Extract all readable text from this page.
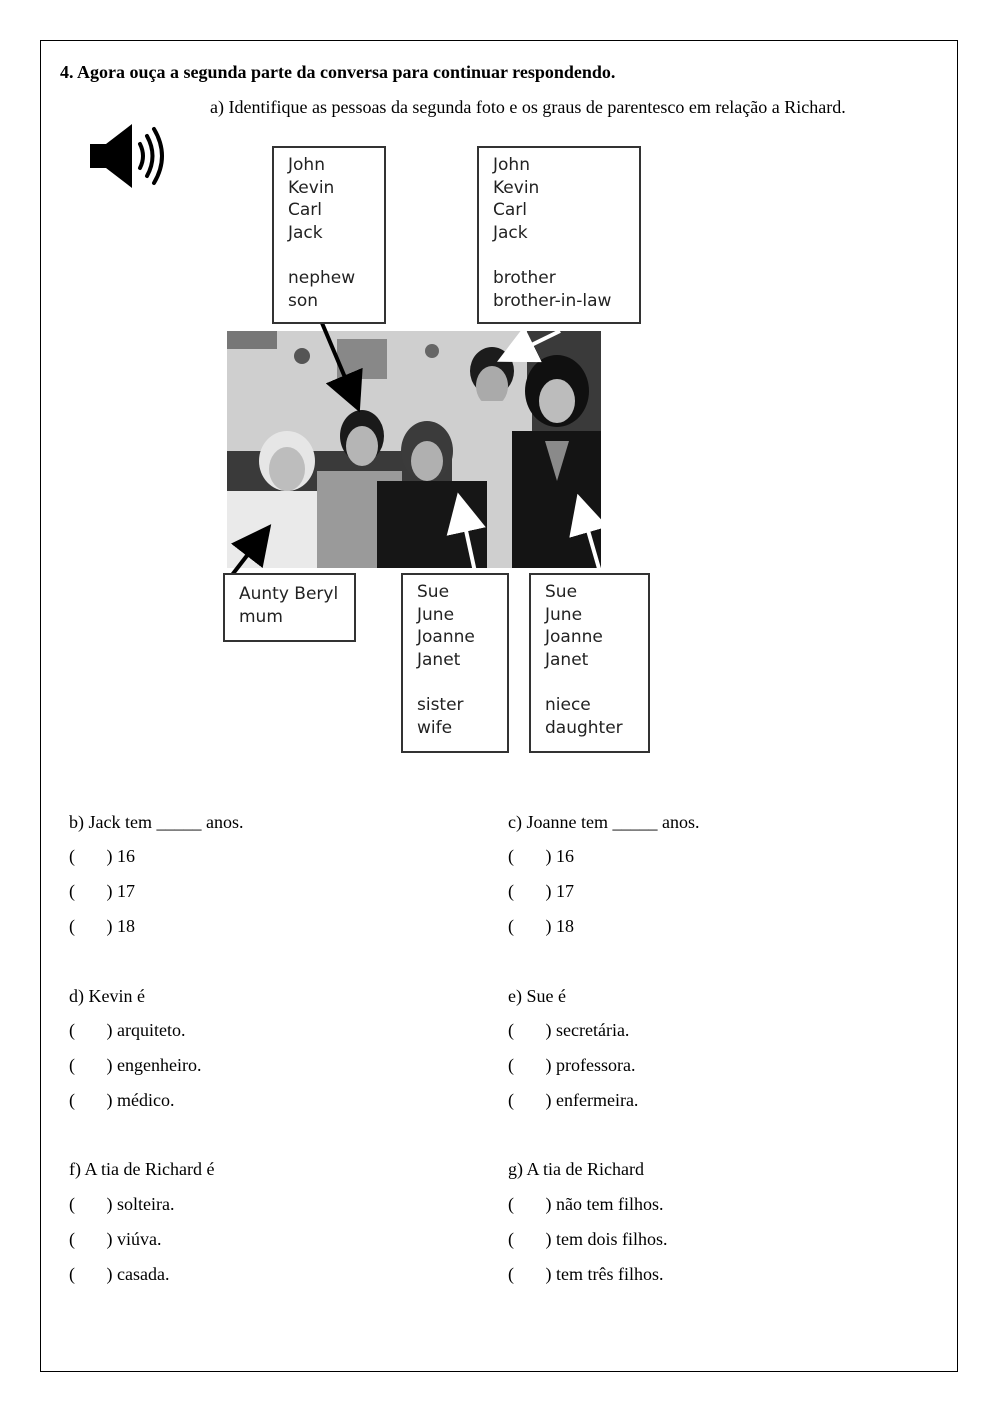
4. Agora ouça a segunda parte da conversa para continuar respondendo.
a) Identifique as pessoas da segunda foto e os graus de parentesco em relação a Richard.
John
Kevin
Carl
Jack
nephew
son
John
Kevin
Carl
Jack
brother
brother-in-law
Aunty Beryl
mum
Sue
June
Joanne
Janet
sister
wife
Sue
June
Joanne
Janet
niece
daughter
b) Jack tem _____ anos.
(       ) 16
(       ) 17
(       ) 18
c) Joanne tem _____ anos.
(       ) 16
(       ) 17
(       ) 18
d) Kevin é
(       ) arquiteto.
(       ) engenheiro.
(       ) médico.
e) Sue é
(       ) secretária.
(       ) professora.
(       ) enfermeira.
f) A tia de Richard é
(       ) solteira.
(       ) viúva.
(       ) casada.
g) A tia de Richard
(       ) não tem filhos.
(       ) tem dois filhos.
(       ) tem três filhos.
